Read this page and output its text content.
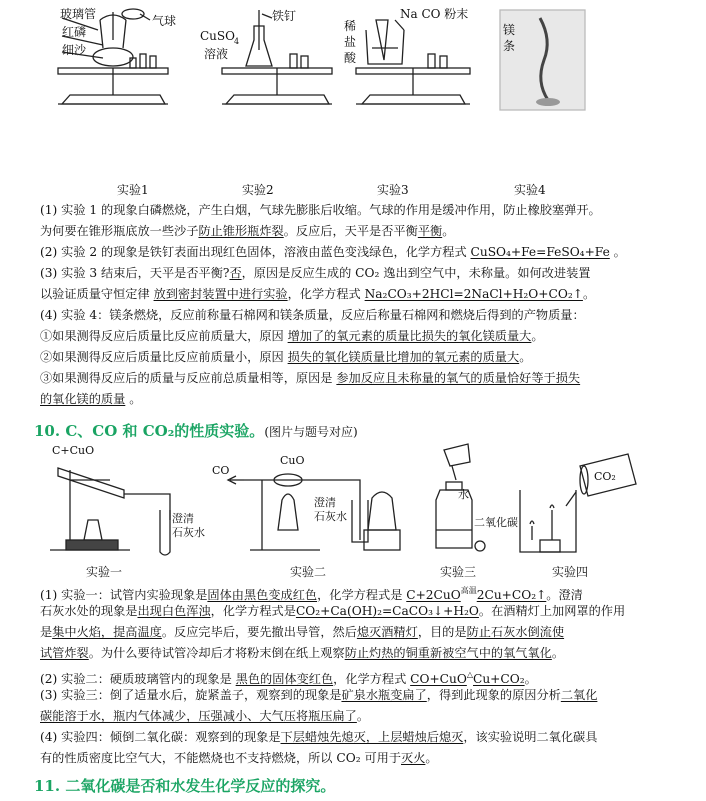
玻璃管
红磷
细沙
气球
CuSO 4
溶液
铁钉
稀
盐
酸
Na CO 粉末
镁
条
实验1	实验2	实验3	实验4
(1) 实验 1 的现象白磷燃烧，产生白烟，气球先膨胀后收缩。气球的作用是缓冲作用，防止橡胶塞弹开。
为何要在锥形瓶底放一些沙子防止锥形瓶炸裂。反应后，天平是否平衡平衡。
(2) 实验 2 的现象是铁钉表面出现红色固体，溶液由蓝色变浅绿色，化学方程式 CuSO₄+Fe=FeSO₄+Fe 。
(3) 实验 3 结束后，天平是否平衡?否，原因是反应生成的 CO₂ 逸出到空气中，未称量。如何改进装置
以验证质量守恒定律 放到密封装置中进行实验，化学方程式 Na₂CO₃+2HCl=2NaCl+H₂O+CO₂↑。
(4) 实验 4：镁条燃烧，反应前称量石棉网和镁条质量，反应后称量石棉网和燃烧后得到的产物质量：
①如果测得反应后质量比反应前质量大，原因 增加了的氧元素的质量比损失的氧化镁质量大。
②如果测得反应后质量比反应前质量小，原因 损失的氧化镁质量比增加的氧元素的质量大。
③如果测得反应后的质量与反应前总质量相等，原因是 参加反应且未称量的氧气的质量恰好等于损失
的氧化镁的质量 。
10. C、CO 和 CO₂的性质实验。(图片与题号对应)
C+CuO
澄清
石灰水
CO
CuO
澄清
石灰水
水
二氧化碳
CO₂
实验一	实验二	实验三	实验四
(1) 实验一：试管内实验现象是固体由黑色变成红色，化学方程式是 C+2CuO$^{高温}$2Cu+CO₂↑。澄清
石灰水处的现象是出现白色浑浊，化学方程式是CO₂+Ca(OH)₂=CaCO₃↓+H₂O。在酒精灯上加网罩的作用
是集中火焰，提高温度。反应完毕后，要先撤出导管，然后熄灭酒精灯，目的是防止石灰水倒流使
试管炸裂。为什么要待试管冷却后才将粉末倒在纸上观察防止灼热的铜重新被空气中的氧气氧化。
(2) 实验二：硬质玻璃管内的现象是 黑色的固体变红色，化学方程式 CO+CuO△Cu+CO₂。
(3) 实验三：倒了适量水后，旋紧盖子，观察到的现象是矿泉水瓶变扁了，得到此现象的原因分析二氧化
碳能溶于水，瓶内气体减少，压强减小、大气压将瓶压扁了。
(4) 实验四：倾倒二氧化碳：观察到的现象是下层蜡烛先熄灭，上层蜡烛后熄灭，该实验说明二氧化碳具
有的性质密度比空气大，不能燃烧也不支持燃烧，所以 CO₂ 可用于灭火。
11. 二氧化碳是否和水发生化学反应的探究。
